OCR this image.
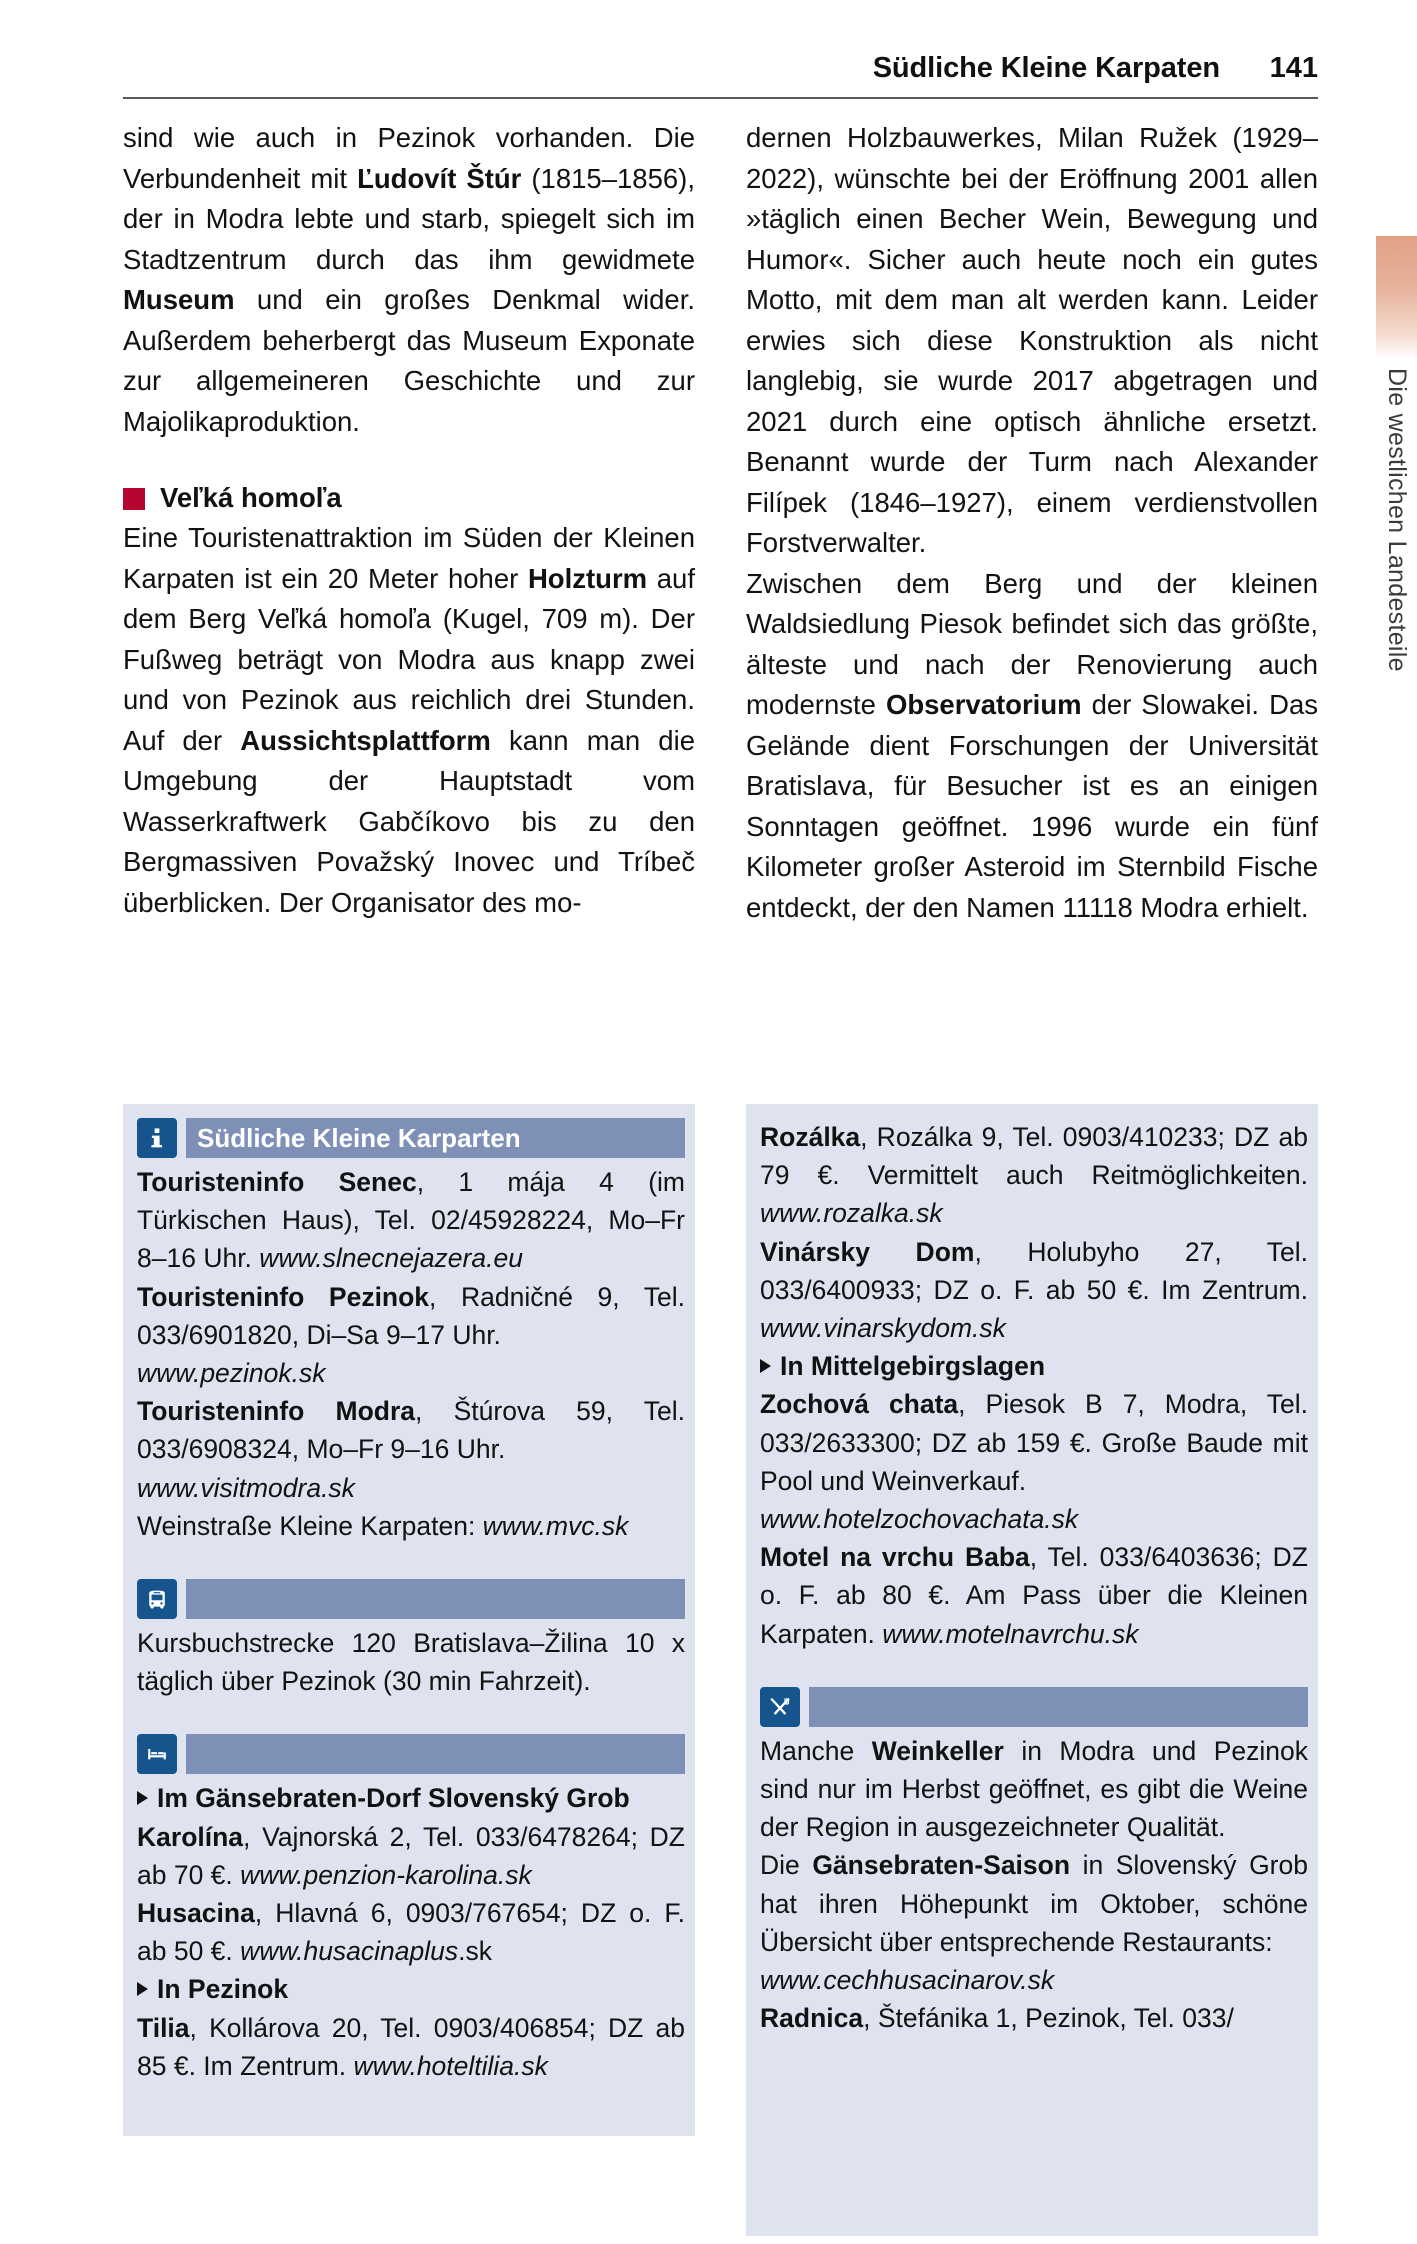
Südliche Kleine Karpaten 141

sind wie auch in Pezinok vorhanden. Die Verbundenheit mit Ľudovít Štúr (1815–1856), der in Modra lebte und starb, spiegelt sich im Stadtzentrum durch das ihm gewidmete Museum und ein großes Denkmal wider. Außerdem beherbergt das Museum Exponate zur allgemeineren Geschichte und zur Majolikaproduktion.

Veľká homoľa

Eine Touristenattraktion im Süden der Kleinen Karpaten ist ein 20 Meter hoher Holzturm auf dem Berg Veľká homoľa (Kugel, 709 m). Der Fußweg beträgt von Modra aus knapp zwei und von Pezinok aus reichlich drei Stunden. Auf der Aussichtsplattform kann man die Umgebung der Hauptstadt vom Wasserkraftwerk Gabčíkovo bis zu den Bergmassiven Považský Inovec und Tríbeč überblicken. Der Organisator des mo-

dernen Holzbauwerkes, Milan Ružek (1929–2022), wünschte bei der Eröffnung 2001 allen »täglich einen Becher Wein, Bewegung und Humor«. Sicher auch heute noch ein gutes Motto, mit dem man alt werden kann. Leider erwies sich diese Konstruktion als nicht langlebig, sie wurde 2017 abgetragen und 2021 durch eine optisch ähnliche ersetzt. Benannt wurde der Turm nach Alexander Filípek (1846–1927), einem verdienstvollen Forstverwalter.

Zwischen dem Berg und der kleinen Waldsiedlung Piesok befindet sich das größte, älteste und nach der Renovierung auch modernste Observatorium der Slowakei. Das Gelände dient Forschungen der Universität Bratislava, für Besucher ist es an einigen Sonntagen geöffnet. 1996 wurde ein fünf Kilometer großer Asteroid im Sternbild Fische entdeckt, der den Namen 11118 Modra erhielt.

Südliche Kleine Karparten
Touristeninfo Senec, 1 mája 4 (im Türkischen Haus), Tel. 02/45928224, Mo–Fr 8–16 Uhr. www.slnecnejazera.eu
Touristeninfo Pezinok, Radničné 9, Tel. 033/6901820, Di–Sa 9–17 Uhr.
www.pezinok.sk
Touristeninfo Modra, Štúrova 59, Tel. 033/6908324, Mo–Fr 9–16 Uhr.
www.visitmodra.sk
Weinstraße Kleine Karpaten: www.mvc.sk
Kursbuchstrecke 120 Bratislava–Žilina 10 x täglich über Pezinok (30 min Fahrzeit).
Im Gänsebraten-Dorf Slovenský Grob
Karolína, Vajnorská 2, Tel. 033/6478264; DZ ab 70 €. www.penzion-karolina.sk
Husacina, Hlavná 6, 0903/767654; DZ o. F. ab 50 €. www.husacinaplus.sk
In Pezinok
Tilia, Kollárova 20, Tel. 0903/406854; DZ ab 85 €. Im Zentrum. www.hoteltilia.sk
Rozálka, Rozálka 9, Tel. 0903/410233; DZ ab 79 €. Vermittelt auch Reitmöglichkeiten. www.rozalka.sk
Vinársky Dom, Holubyho 27, Tel. 033/6400933; DZ o. F. ab 50 €. Im Zentrum. www.vinarskydom.sk
In Mittelgebirgslagen
Zochová chata, Piesok B 7, Modra, Tel. 033/2633300; DZ ab 159 €. Große Baude mit Pool und Weinverkauf.
www.hotelzochovachata.sk
Motel na vrchu Baba, Tel. 033/6403636; DZ o. F. ab 80 €. Am Pass über die Kleinen Karpaten. www.motelnavrchu.sk
Manche Weinkeller in Modra und Pezinok sind nur im Herbst geöffnet, es gibt die Weine der Region in ausgezeichneter Qualität.
Die Gänsebraten-Saison in Slovenský Grob hat ihren Höhepunkt im Oktober, schöne Übersicht über entsprechende Restaurants:
www.cechhusacinarov.sk
Radnica, Štefánika 1, Pezinok, Tel. 033/
Die westlichen Landesteile
